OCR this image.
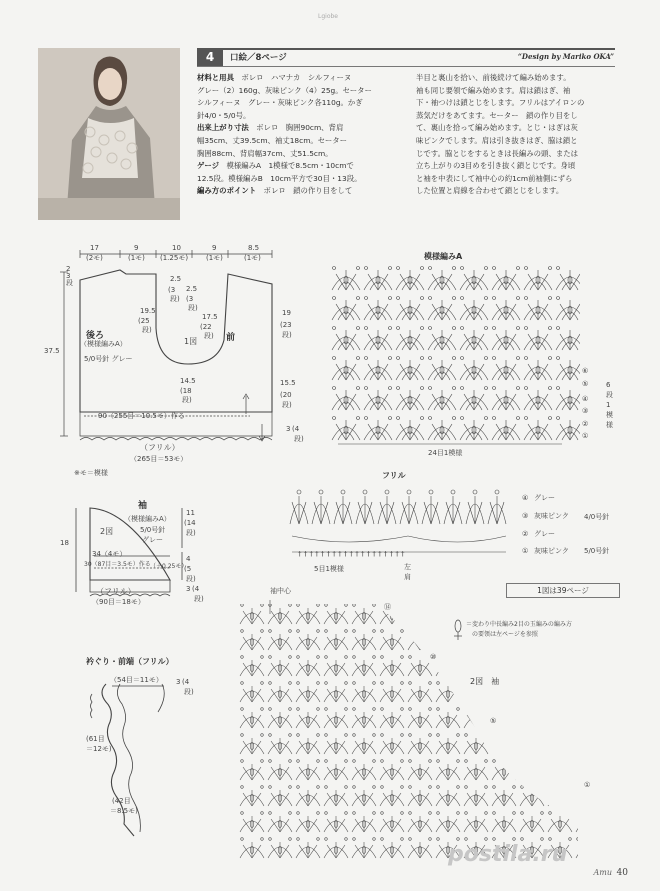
Lgiobe
4	口絵／8ページ	“Design by Mariko OKA”
材料と用具　 ボレロ　ハマナカ　シルフィーヌ
グレー（2）160g、灰味ピンク（4）25g。セーター
シルフィーヌ　グレー・灰味ピンク各110g。かぎ
針4/0・5/0号。
出来上がり寸法　 ボレロ　胸囲90cm、背肩
幅35cm、丈39.5cm、袖丈18cm。セーター
胸囲88cm、背肩幅37cm、丈51.5cm。
ゲージ　 模様編みA　1模様で8.5cm・10cmで
12.5段。模様編みB　10cm平方で30目・13段。
編み方のポイント　 ボレロ　鎖の作り目をして
半目と裏山を拾い、前後続けて編み始めます。
袖も同じ要領で編み始めます。肩は鎖はぎ、袖
下・袖つけは鎖とじをします。フリルはアイロンの
蒸気だけをあてます。セーター　鎖の作り目をし
て、裏山を拾って編み始めます。とじ・はぎは灰
味ピンクでします。肩は引き抜きはぎ、脇は鎖と
じです。脇とじをするときは長編みの頭、または
立ち上がりの3目めを引き抜く鎖とじです。身頃
と袖を中表にして袖中心の約1cm前袖側にずら
した位置と肩線を合わせて鎖とじをします。
17
(2モ)
9
(1モ)
10
(1.25モ)
9
(1モ)
8.5
(1モ)
2
3
段
37.5
後ろ
（模様編みA）
5/0号針 グレー
前
1図
2.5
(3
段)
2.5
(3
段)
19.5
(25
段)
17.5
(22
段)
19
(23
段)
15.5
(20
段)
14.5
(18
段)
90（255目＝10.5モ）作る
3 (4
段)
（フリル）
（265目＝53モ）
※モ＝模様
袖
（模様編みA）
5/0号針
グレー
2図
18
11
(14
段)
4
(5
段)
34（4モ）
30（87目＝3.5モ）作る （＋0.25モ）
3 (4
段)
（フリル）
（90目＝18モ）
衿ぐり・前端（フリル）
（54目＝11モ） 3 (4
段)
(61目
＝12モ)
(42目
＝8.5モ)
模様編みA
24目1模様
⑥
⑤
④
③
②
①
6
段
1
模
様
フリル
† † † † † † † † † † † † † † † † † † †
④ グレー
③ 灰味ピンク
② グレー
① 灰味ピンク
4/0号針
5/0号針
5目1模様	左
肩
1図は39ページ
袖中心
⑭
⑩
⑤
①
2図　袖
＝変わり中長編み2目の玉編みの編み方
　の要領は左ページを参照
postila.ru
Amu 40
